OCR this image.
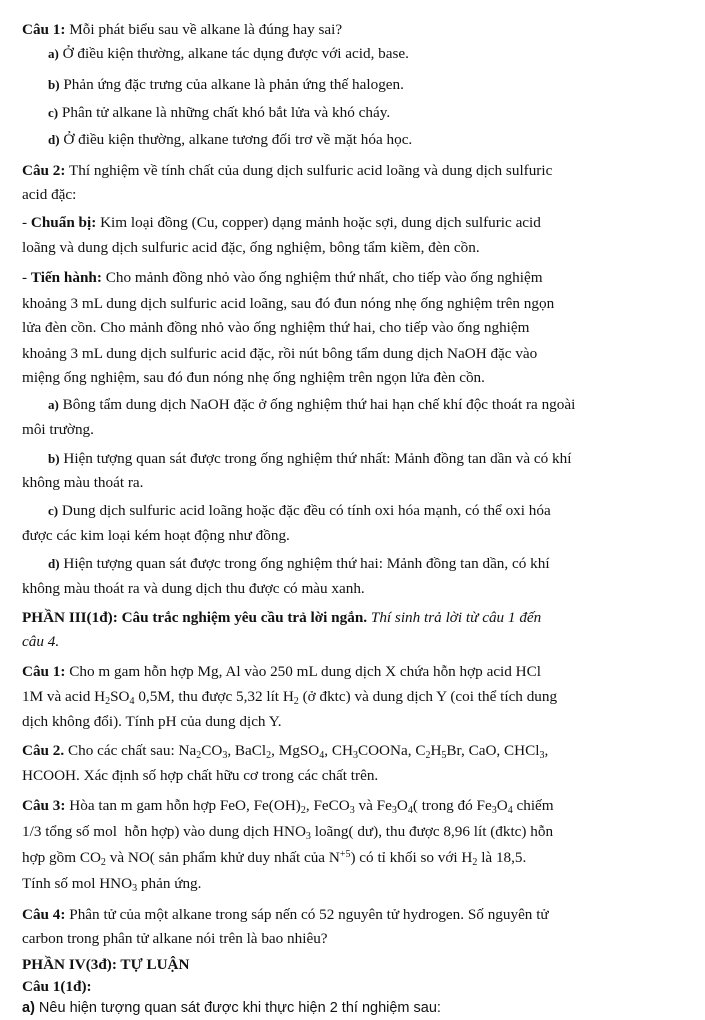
Câu 1: Mỗi phát biểu sau về alkane là đúng hay sai?
a) Ở điều kiện thường, alkane tác dụng được với acid, base.
b) Phản ứng đặc trưng của alkane là phản ứng thế halogen.
c) Phân tử alkane là những chất khó bắt lửa và khó cháy.
d) Ở điều kiện thường, alkane tương đối trơ về mặt hóa học.
Câu 2: Thí nghiệm về tính chất của dung dịch sulfuric acid loãng và dung dịch sulfuric
acid đặc:
- Chuẩn bị: Kim loại đồng (Cu, copper) dạng mảnh hoặc sợi, dung dịch sulfuric acid
loãng và dung dịch sulfuric acid đặc, ống nghiệm, bông tẩm kiềm, đèn cồn.
- Tiến hành: Cho mảnh đồng nhỏ vào ống nghiệm thứ nhất, cho tiếp vào ống nghiệm
khoảng 3 mL dung dịch sulfuric acid loãng, sau đó đun nóng nhẹ ống nghiệm trên ngọn
lửa đèn cồn. Cho mảnh đồng nhỏ vào ống nghiệm thứ hai, cho tiếp vào ống nghiệm
khoảng 3 mL dung dịch sulfuric acid đặc, rồi nút bông tẩm dung dịch NaOH đặc vào
miệng ống nghiệm, sau đó đun nóng nhẹ ống nghiệm trên ngọn lửa đèn cồn.
a) Bông tẩm dung dịch NaOH đặc ở ống nghiệm thứ hai hạn chế khí độc thoát ra ngoài
môi trường.
b) Hiện tượng quan sát được trong ống nghiệm thứ nhất: Mảnh đồng tan dần và có khí
không màu thoát ra.
c) Dung dịch sulfuric acid loãng hoặc đặc đều có tính oxi hóa mạnh, có thể oxi hóa
được các kim loại kém hoạt động như đồng.
d) Hiện tượng quan sát được trong ống nghiệm thứ hai: Mảnh đồng tan dần, có khí
không màu thoát ra và dung dịch thu được có màu xanh.
PHẦN III(1đ): Câu trắc nghiệm yêu cầu trả lời ngắn. Thí sinh trả lời từ câu 1 đến
câu 4.
Câu 1: Cho m gam hỗn hợp Mg, Al vào 250 mL dung dịch X chứa hỗn hợp acid HCl
1M và acid H2SO4 0,5M, thu được 5,32 lít H2 (ở đktc) và dung dịch Y (coi thể tích dung
dịch không đổi). Tính pH của dung dịch Y.
Câu 2. Cho các chất sau: Na2CO3, BaCl2, MgSO4, CH3COONa, C2H5Br, CaO, CHCl3,
HCOOH. Xác định số hợp chất hữu cơ trong các chất trên.
Câu 3: Hòa tan m gam hỗn hợp FeO, Fe(OH)2, FeCO3 và Fe3O4( trong đó Fe3O4 chiếm
1/3 tổng số mol  hỗn hợp) vào dung dịch HNO3 loãng( dư), thu được 8,96 lít (đktc) hỗn
hợp gồm CO2 và NO( sản phẩm khử duy nhất của $N^{+5}$) có tỉ khối so với H2 là 18,5.
Tính số mol HNO3 phản ứng.
Câu 4: Phân tử của một alkane trong sáp nến có 52 nguyên tử hydrogen. Số nguyên tử
carbon trong phân tử alkane nói trên là bao nhiêu?
PHẦN IV(3đ): TỰ LUẬN
Câu 1(1đ):
a) Nêu hiện tượng quan sát được khi thực hiện 2 thí nghiệm sau:
